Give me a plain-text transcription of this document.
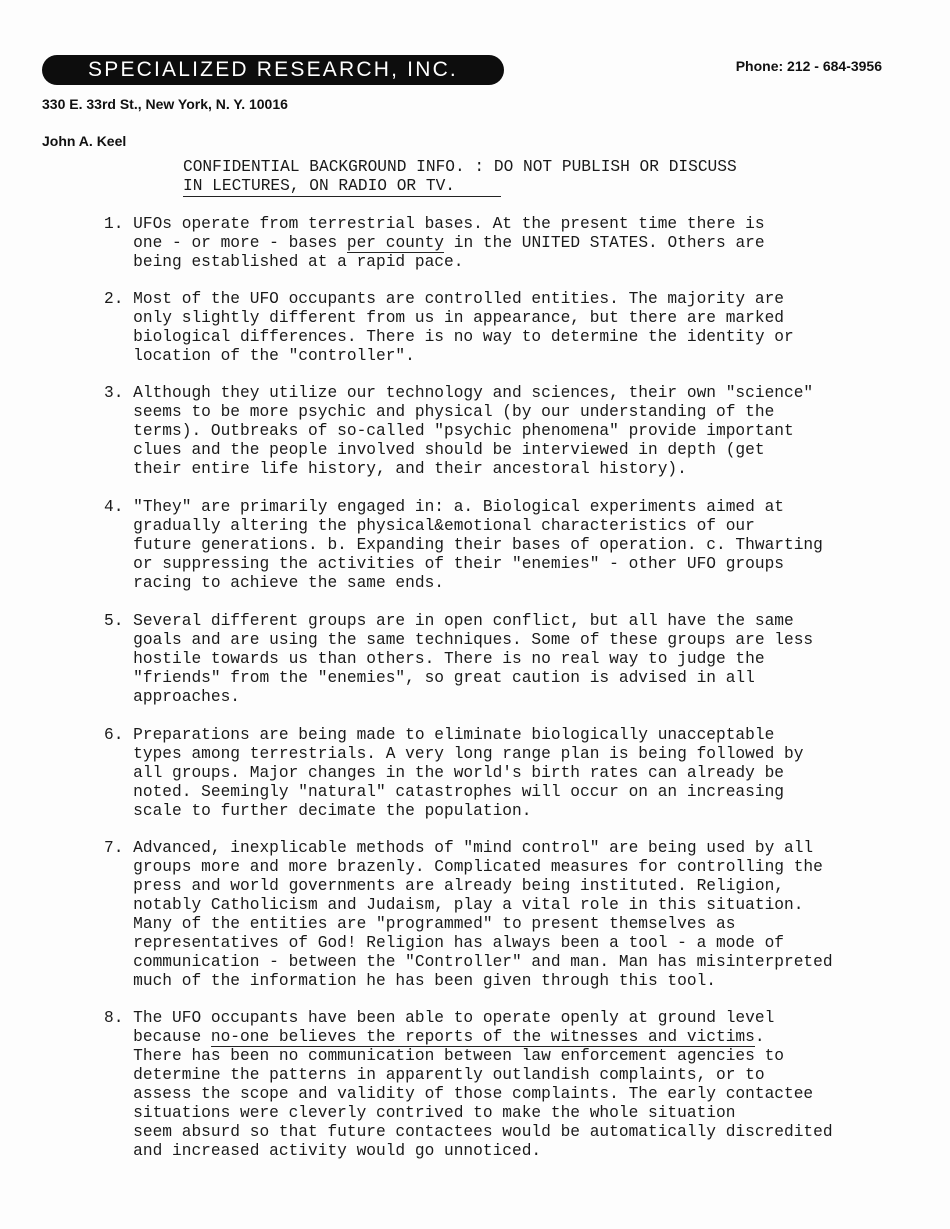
SPECIALIZED RESEARCH, INC.	Phone: 212 - 684-3956
330 E. 33rd St., New York, N. Y. 10016
John A. Keel
CONFIDENTIAL BACKGROUND INFO. : DO NOT PUBLISH OR DISCUSS
IN LECTURES, ON RADIO OR TV.
1. UFOs operate from terrestrial bases. At the present time there is
one - or more - bases per county in the UNITED STATES. Others are
being established at a rapid pace.
2. Most of the UFO occupants are controlled entities. The majority are
only slightly different from us in appearance, but there are marked
biological differences. There is no way to determine the identity or
location of the "controller".
3. Although they utilize our technology and sciences, their own "science"
seems to be more psychic and physical (by our understanding of the
terms). Outbreaks of so-called "psychic phenomena" provide important
clues and the people involved should be interviewed in depth (get
their entire life history, and their ancestoral history).
4. "They" are primarily engaged in: a. Biological experiments aimed at
gradually altering the physical&emotional characteristics of our
future generations. b. Expanding their bases of operation. c. Thwarting
or suppressing the activities of their "enemies" - other UFO groups
racing to achieve the same ends.
5. Several different groups are in open conflict, but all have the same
goals and are using the same techniques. Some of these groups are less
hostile towards us than others. There is no real way to judge the
"friends" from the "enemies", so great caution is advised in all
approaches.
6. Preparations are being made to eliminate biologically unacceptable
types among terrestrials. A very long range plan is being followed by
all groups. Major changes in the world's birth rates can already be
noted. Seemingly "natural" catastrophes will occur on an increasing
scale to further decimate the population.
7. Advanced, inexplicable methods of "mind control" are being used by all
groups more and more brazenly. Complicated measures for controlling the
press and world governments are already being instituted. Religion,
notably Catholicism and Judaism, play a vital role in this situation.
Many of the entities are "programmed" to present themselves as
representatives of God! Religion has always been a tool - a mode of
communication - between the "Controller" and man. Man has misinterpreted
much of the information he has been given through this tool.
8. The UFO occupants have been able to operate openly at ground level
because no-one believes the reports of the witnesses and victims.
There has been no communication between law enforcement agencies to
determine the patterns in apparently outlandish complaints, or to
assess the scope and validity of those complaints. The early contactee
situations were cleverly contrived to make the whole situation
seem absurd so that future contactees would be automatically discredited
and increased activity would go unnoticed.
